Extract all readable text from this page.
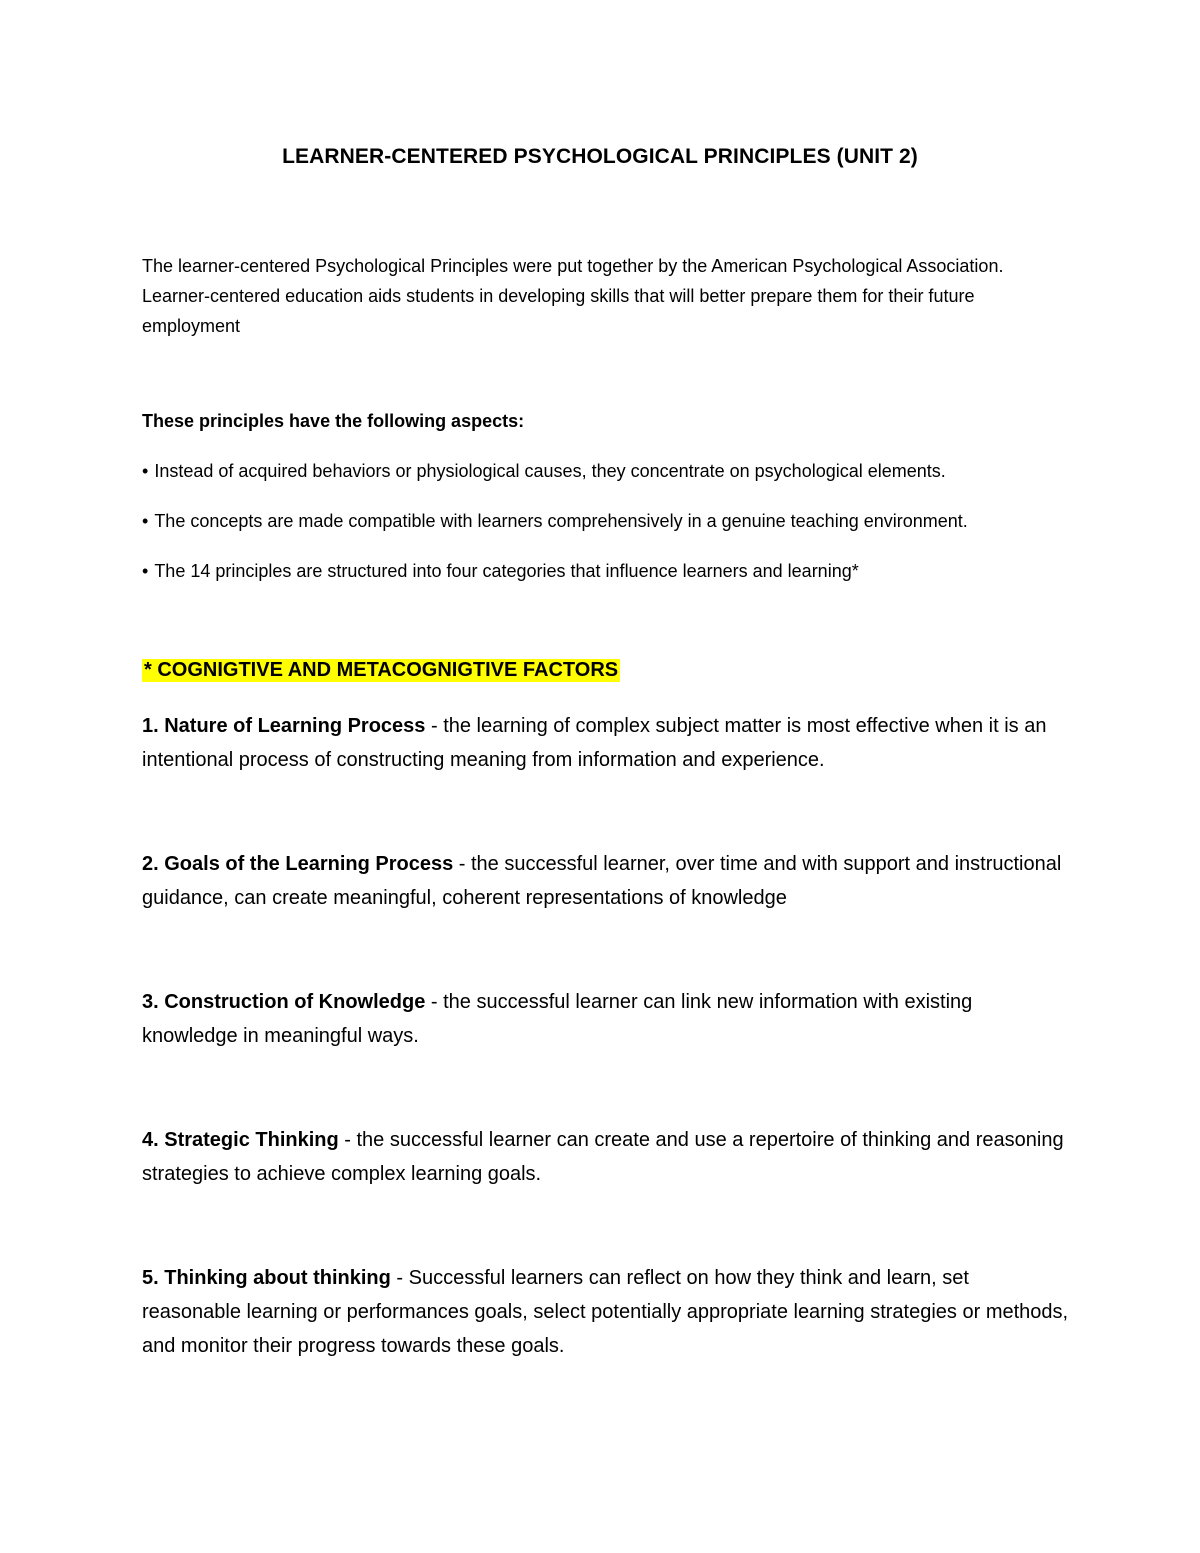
LEARNER-CENTERED PSYCHOLOGICAL PRINCIPLES (UNIT 2)
The learner-centered Psychological Principles were put together by the American Psychological Association. Learner-centered education aids students in developing skills that will better prepare them for their future employment
These principles have the following aspects:
• Instead of acquired behaviors or physiological causes, they concentrate on psychological elements.
• The concepts are made compatible with learners comprehensively in a genuine teaching environment.
• The 14 principles are structured into four categories that influence learners and learning*
* COGNIGTIVE AND METACOGNIGTIVE FACTORS
1. Nature of Learning Process - the learning of complex subject matter is most effective when it is an intentional process of constructing meaning from information and experience.
2. Goals of the Learning Process - the successful learner, over time and with support and instructional guidance, can create meaningful, coherent representations of knowledge
3. Construction of Knowledge - the successful learner can link new information with existing knowledge in meaningful ways.
4. Strategic Thinking - the successful learner can create and use a repertoire of thinking and reasoning strategies to achieve complex learning goals.
5. Thinking about thinking - Successful learners can reflect on how they think and learn, set reasonable learning or performances goals, select potentially appropriate learning strategies or methods, and monitor their progress towards these goals.
